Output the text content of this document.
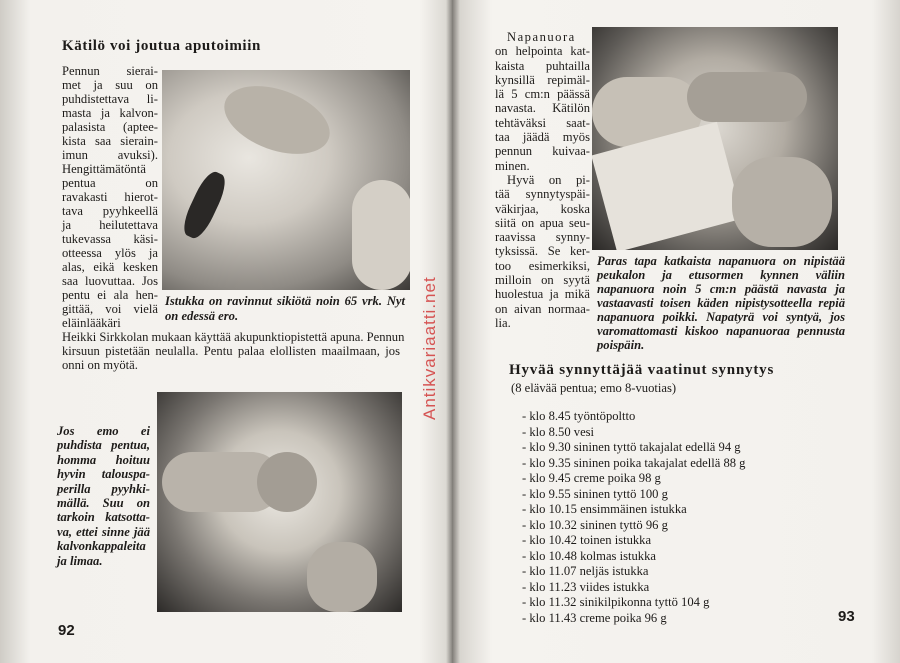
Kätilö voi joutua aputoimiin
Pennun sierai-
met ja suu on
puhdistettava li-
masta ja kalvon-
palasista (aptee-
kista saa sierain-
imun avuksi).
Hengittämätöntä
pentua on
ravakasti hierot-
tava pyyhkeellä
ja heilutettava
tukevassa käsi-
otteessa ylös ja
alas, eikä kesken
saa luovuttaa. Jos
pentu ei ala hen-
gittää, voi vielä
eläinlääkäri
Heikki Sirkkolan mukaan käyttää akupunktiopistettä apuna. Pennun
kirsuun pistetään neulalla. Pentu palaa elollisten maailmaan, jos
onni on myötä.
Istukka on ravinnut sikiötä noin 65 vrk. Nyt
on edessä ero.
Jos emo ei
puhdista pentua,
homma hoituu
hyvin talouspa-
perilla pyyhki-
mällä. Suu on
tarkoin katsotta-
va, ettei sinne jää
kalvonkappaleita
ja limaa.
92
Napanuora
on helpointa kat-
kaista puhtailla
kynsillä repimäl-
lä 5 cm:n päässä
navasta. Kätilön
tehtäväksi saat-
taa jäädä myös
pennun kuivaa-
minen.
Hyvä on pi-
tää synnytyspäi-
väkirjaa, koska
siitä on apua seu-
raavissa synny-
tyksissä. Se ker-
too esimerkiksi,
milloin on syytä
huolestua ja mikä
on aivan normaa-
lia.
Paras tapa katkaista napanuora on nipistää
peukalon ja etusormen kynnen väliin
napanuora noin 5 cm:n päästä navasta ja
vastaavasti toisen käden nipistysotteella repiä
napanuora poikki. Napatyrä voi syntyä, jos
varomattomasti kiskoo napanuoraa pennusta
poispäin.
Hyvää synnyttäjää vaatinut synnytys
(8 elävää pentua; emo 8-vuotias)
- klo 8.45 työntöpoltto
- klo 8.50 vesi
- klo 9.30 sininen tyttö takajalat edellä 94 g
- klo 9.35 sininen poika takajalat edellä 88 g
- klo 9.45 creme poika 98 g
- klo 9.55 sininen tyttö 100 g
- klo 10.15 ensimmäinen istukka
- klo 10.32 sininen tyttö 96 g
- klo 10.42 toinen istukka
- klo 10.48 kolmas istukka
- klo 11.07 neljäs istukka
- klo 11.23 viides istukka
- klo 11.32 sinikilpikonna tyttö 104 g
- klo 11.43 creme poika 96 g	93
Antikvariaatti.net
